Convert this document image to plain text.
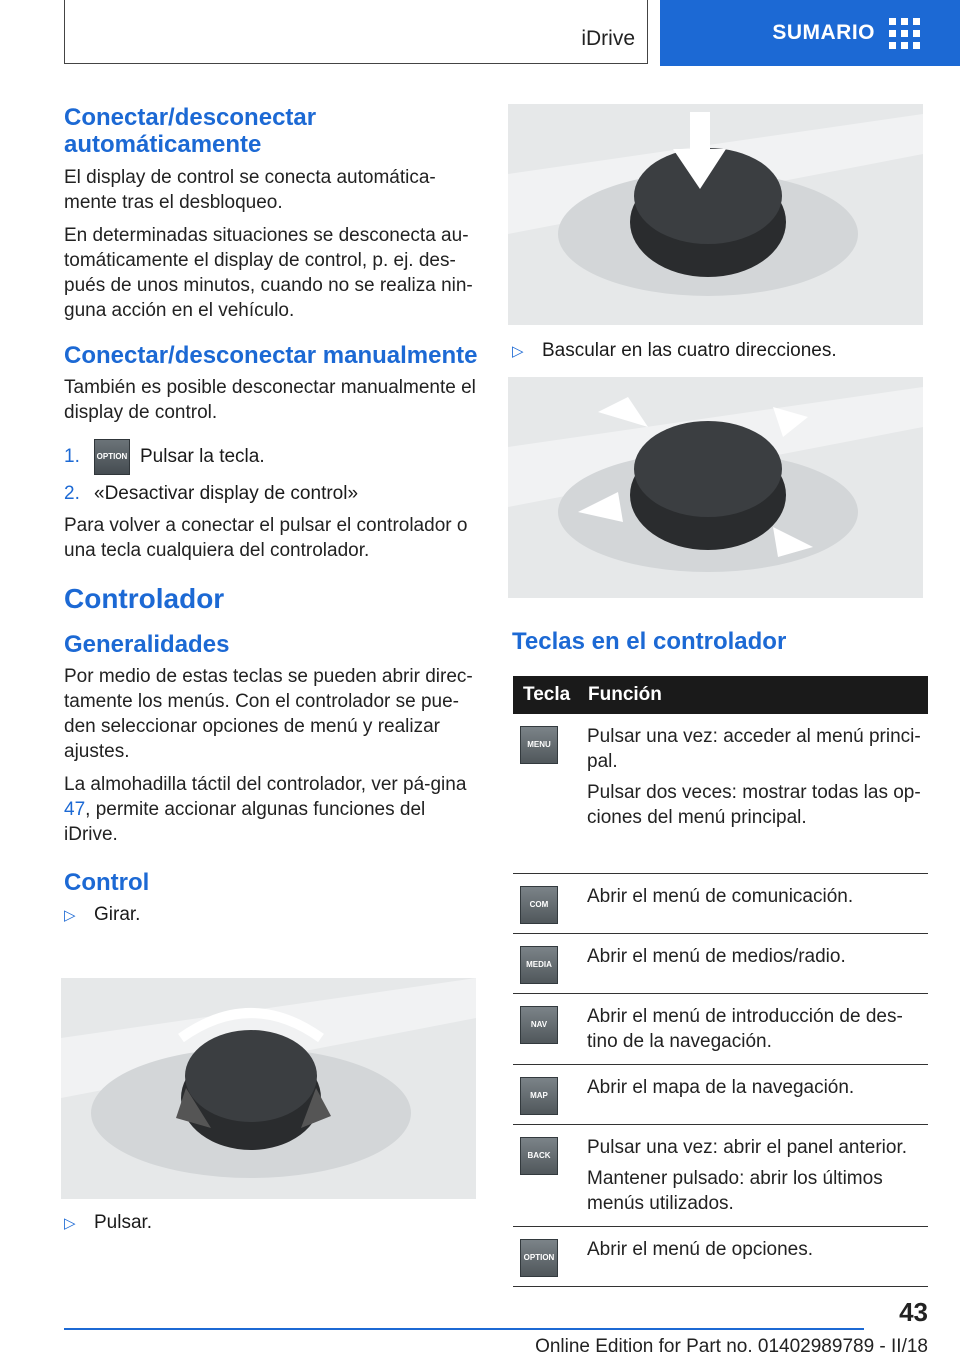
iDrive	SUMARIO
Conectar/desconectar automáticamente

El display de control se conecta automática-mente tras el desbloqueo.

En determinadas situaciones se desconecta au-tomáticamente el display de control, p. ej. des-pués de unos minutos, cuando no se realiza nin-guna acción en el vehículo.

Conectar/desconectar manualmente

También es posible desconectar manualmente el display de control.

1.	OPTION Pulsar la tecla.
2. «Desactivar display de control»

Para volver a conectar el pulsar el controlador o una tecla cualquiera del controlador.

Controlador
Generalidades

Por medio de estas teclas se pueden abrir direc-tamente los menús. Con el controlador se pue-den seleccionar opciones de menú y realizar ajustes.

La almohadilla táctil del controlador, ver pá-gina 47, permite accionar algunas funciones del iDrive.

Control
▷ Girar.
▷ Pulsar.
▷ Bascular en las cuatro direcciones.
Teclas en el controlador
Tecla Función
MENU	Pulsar una vez: acceder al menú princi-pal.
Pulsar dos veces: mostrar todas las op-ciones del menú principal.
COM	Abrir el menú de comunicación.
MEDIA	Abrir el menú de medios/radio.
NAV	Abrir el menú de introducción de des-tino de la navegación.
MAP	Abrir el mapa de la navegación.
BACK	Pulsar una vez: abrir el panel anterior.
Mantener pulsado: abrir los últimos menús utilizados.
OPTION Abrir el menú de opciones.
43
Online Edition for Part no. 01402989789 - II/18
